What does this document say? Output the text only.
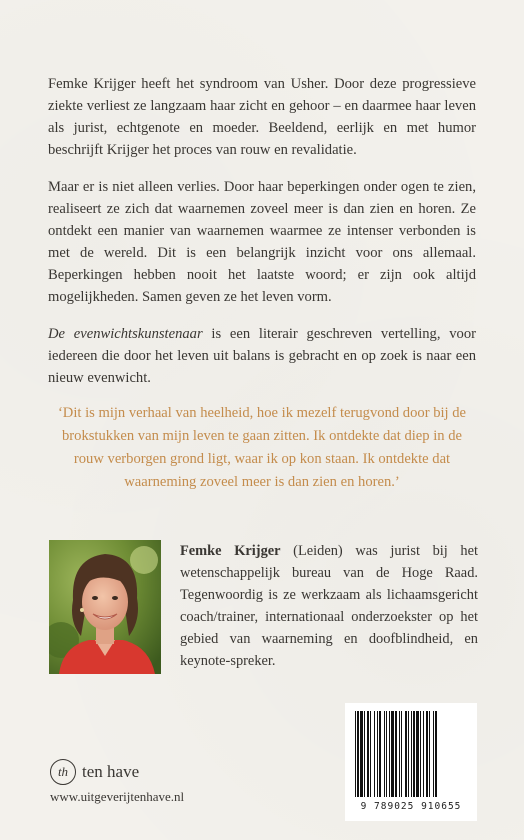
Femke Krijger heeft het syndroom van Usher. Door deze progressieve ziekte verliest ze langzaam haar zicht en gehoor – en daarmee haar leven als jurist, echtgenote en moeder. Beeldend, eerlijk en met humor beschrijft Krijger het proces van rouw en revalidatie.

Maar er is niet alleen verlies. Door haar beperkingen onder ogen te zien, realiseert ze zich dat waarnemen zoveel meer is dan zien en horen. Ze ontdekt een manier van waarnemen waarmee ze intenser verbonden is met de wereld. Dit is een belangrijk inzicht voor ons allemaal. Beperkingen hebben nooit het laatste woord; er zijn ook altijd mogelijkheden. Samen geven ze het leven vorm.

De evenwichtskunstenaar is een literair geschreven vertelling, voor iedereen die door het leven uit balans is gebracht en op zoek is naar een nieuw evenwicht.

‘Dit is mijn verhaal van heelheid, hoe ik mezelf terugvond door bij de brokstukken van mijn leven te gaan zitten. Ik ontdekte dat diep in de rouw verborgen grond ligt, waar ik op kon staan. Ik ontdekte dat waarneming zoveel meer is dan zien en horen.’

Femke Krijger (Leiden) was jurist bij het wetenschappelijk bureau van de Hoge Raad. Tegenwoordig is ze werkzaam als lichaamsgericht coach/trainer, internationaal onderzoekster op het gebied van waarneming en doofblindheid, en keynote-spreker.

th ten have
www.uitgeverijtenhave.nl
9 789025 910655
